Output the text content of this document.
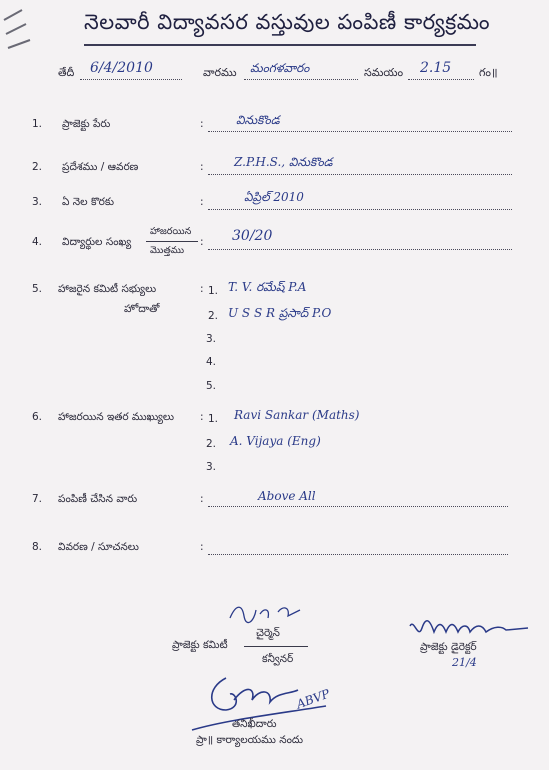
నెలవారీ విద్యావసర వస్తువుల పంపిణీ కార్యక్రమం
తేదీ 6/4/2010	వారము మంగళవారం	సమయం 2.15	గం॥
1. ప్రాజెక్టు పేరు	:	వినుకొండ
2. ప్రదేశము / ఆవరణ	:	Z.P.H.S., వినుకొండ
3. ఏ నెల కొరకు	:	ఏప్రిల్ 2010
4. విద్యార్థుల సంఖ్య
హాజరయిన
మొత్తము
: 30/20
5. హాజరైన కమిటీ సభ్యులు
హోదాతో
: 1. T. V. రమేష్ P.A
2. U S S R ప్రసాద్ P.O
3.
4.
5.
6. హాజరయిన ఇతర ముఖ్యులు : 1. Ravi Sankar (Maths)
2. A. Vijaya (Eng)
3.
7. పంపిణీ చేసిన వారు	:	Above All
8. వివరణ / సూచనలు	:
చైర్మెన్
ప్రాజెక్టు కమిటీ
కన్వీనర్
ప్రాజెక్టు డైరెక్టర్
21/4
ABVP
తనిఖీదారు
ప్రా॥ కార్యాలయము నందు
